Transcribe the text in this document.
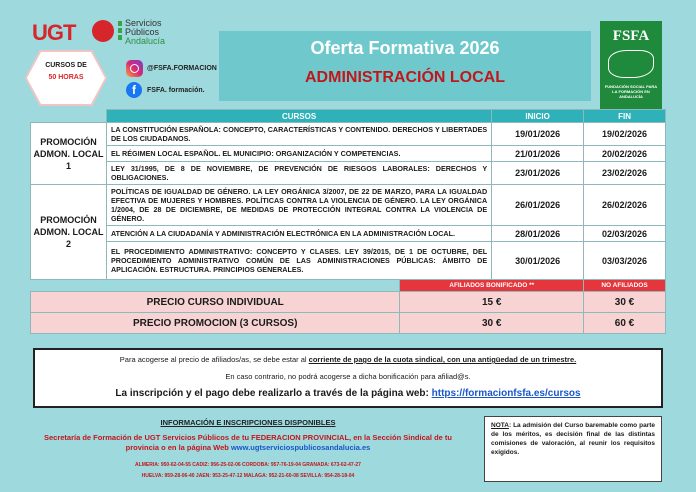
UGT	Servicios
Públicos
Andalucía
CURSOS DE
50 HORAS
@FSFA.FORMACION
f	FSFA. formación.
Oferta Formativa 2026
ADMINISTRACIÓN LOCAL
FSFA
FUNDACIÓN SOCIAL PARA LA FORMACIÓN EN ANDALUCÍA
	CURSOS		INICIO	FIN
PROMOCIÓN ADMON. LOCAL 1	LA CONSTITUCIÓN ESPAÑOLA: CONCEPTO, CARACTERÍSTICAS Y CONTENIDO. DERECHOS Y LIBERTADES DE LOS CIUDADANOS.		19/01/2026	19/02/2026
	EL RÉGIMEN LOCAL ESPAÑOL. EL MUNICIPIO: ORGANIZACIÓN Y COMPETENCIAS.		21/01/2026	20/02/2026
	LEY 31/1995, DE 8 DE NOVIEMBRE, DE PREVENCIÓN DE RIESGOS LABORALES: DERECHOS Y OBLIGACIONES.		23/01/2026	23/02/2026
PROMOCIÓN ADMON. LOCAL 2	POLÍTICAS DE IGUALDAD DE GÉNERO. LA LEY ORGÁNICA 3/2007, DE 22 DE MARZO, PARA LA IGUALDAD EFECTIVA DE MUJERES Y HOMBRES. POLÍTICAS CONTRA LA VIOLENCIA DE GÉNERO. LA LEY ORGÁNICA 1/2004, DE 28 DE DICIEMBRE, DE MEDIDAS DE PROTECCIÓN INTEGRAL CONTRA LA VIOLENCIA DE GÉNERO.		26/01/2026	26/02/2026
	ATENCIÓN A LA CIUDADANÍA Y ADMINISTRACIÓN ELECTRÓNICA EN LA ADMINISTRACIÓN LOCAL.		28/01/2026	02/03/2026
	EL PROCEDIMIENTO ADMINISTRATIVO: CONCEPTO Y CLASES. LEY 39/2015, DE 1 DE OCTUBRE, DEL PROCEDIMIENTO ADMINISTRATIVO COMÚN DE LAS ADMINISTRACIONES PÚBLICAS: ÁMBITO DE APLICACIÓN. ESTRUCTURA. PRINCIPIOS GENERALES.		30/01/2026	03/03/2026
		AFILIADOS BONIFICADO **		NO AFILIADOS
PRECIO CURSO INDIVIDUAL		15 €		30 €
PRECIO PROMOCION (3 CURSOS)		30 €		60 €
Para acogerse al precio de afiliados/as, se debe estar al corriente de pago de la cuota sindical, con una antigüedad de un trimestre.
En caso contrario, no podrá acogerse a dicha bonificación para afiliad@s.
La inscripción y el pago debe realizarlo a través de la página web: https://formacionfsfa.es/cursos
INFORMACIÓN E INSCRIPCIONES DISPONIBLES
Secretaría de Formación de UGT Servicios Públicos de tu FEDERACION PROVINCIAL, en la Sección Sindical de tu provincia o en la página Web www.ugtserviciospublicosandalucia.es
ALMERIA: 950-62-04-55 CADIZ: 956-25-02-06 CORDOBA: 957-76-19-04 GRANADA: 673-62-47-27
HUELVA: 959-28-06-40 JAEN: 953-25-47-12 MALAGA: 952-21-60-08 SEVILLA: 954-28-18-04
NOTA: La admisión del Curso baremable como parte de los méritos, es decisión final de las distintas comisiones de valoración, al reunir los requisitos exigidos.
